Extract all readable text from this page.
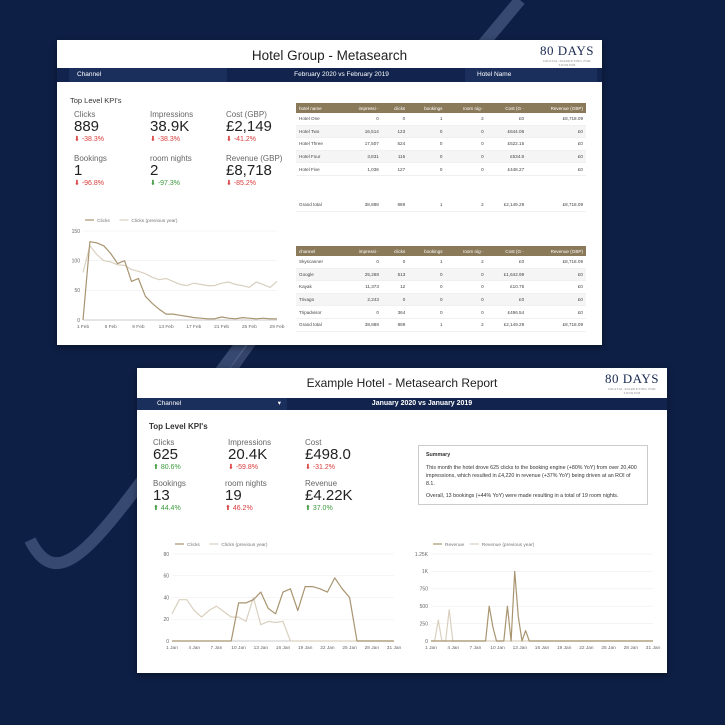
Hotel Group - Metasearch	80 DAYS
DIGITAL MARKETING FOR TOURISM
Channel	February 2020 vs February 2019	Hotel Name
Top Level KPI's
Clicks
889
⬇ -38.3%
Impressions
38.9K
⬇ -38.3%
Cost (GBP)
£2,149
⬇ -41.2%
Bookings
1
⬇ -96.8%
room nights
2
⬇ -97.3%
Revenue (GBP)
£8,718
⬇ -85.2%
Clicks	Clicks (previous year)
0
50
100
150
1 Feb	5 Feb	9 Feb	13 Feb	17 Feb	21 Feb	25 Feb	29 Feb
hotel name	impressi··	clicks	bookings	room nig··	Cost (G··	Revenue (GBP)
Hotel One	0	0	1	2	£0	£8,718.09
Hotel Two	16,514	123	0	0	£644.06	£0
Hotel Three	17,507	524	0	0	£522.15	£0
Hotel Four	3,831	115	0	0	£534.8	£0
Hotel Five	1,036	127	0	0	£448.27	£0

Grand total	38,888	889	1	2	£2,149.29	£8,718.09
channel	impressi··	clicks	bookings	room nig··	Cost (G··	Revenue (GBP)
Skyscanner	0	0	1	2	£0	£8,718.09
Google	25,268	513	0	0	£1,642.99	£0
Kayak	11,373	12	0	0	£10.75	£0
Trivago	2,243	0	0	0	£0	£0
Tripadvisor	0	364	0	0	£496.54	£0
Grand total	38,888	889	1	2	£2,149.29	£8,718.09
Example Hotel - Metasearch Report	80 DAYS
DIGITAL MARKETING FOR TOURISM
Channel	▾	January 2020 vs January 2019
Top Level KPI's
Clicks
625
⬆ 80.6%
Impressions
20.4K
⬇ -59.8%
Cost
£498.0
⬇ -31.2%
Bookings
13
⬆ 44.4%
room nights
19
⬆ 46.2%
Revenue
£4.22K
⬆ 37.0%
Summary

This month the hotel drove 625 clicks to the booking engine (+80% YoY) from over 20,400 impressions, which resulted in £4,220 in revenue (+37% YoY) being driven at an ROI of 8.1.

Overall, 13 bookings (+44% YoY) were made resulting in a total of 19 room nights.

Clicks	Clicks (previous year)
0
20
40
60
80
1 Jan 4 Jan 7 Jan 10 Jan 13 Jan 16 Jan 19 Jan 22 Jan 25 Jan 28 Jan 31 Jan
Revenue	Revenue (previous year)
0
250
500
750
1K
1.25K
1 Jan 4 Jan 7 Jan 10 Jan 13 Jan 16 Jan 19 Jan 22 Jan 25 Jan 28 Jan 31 Jan
